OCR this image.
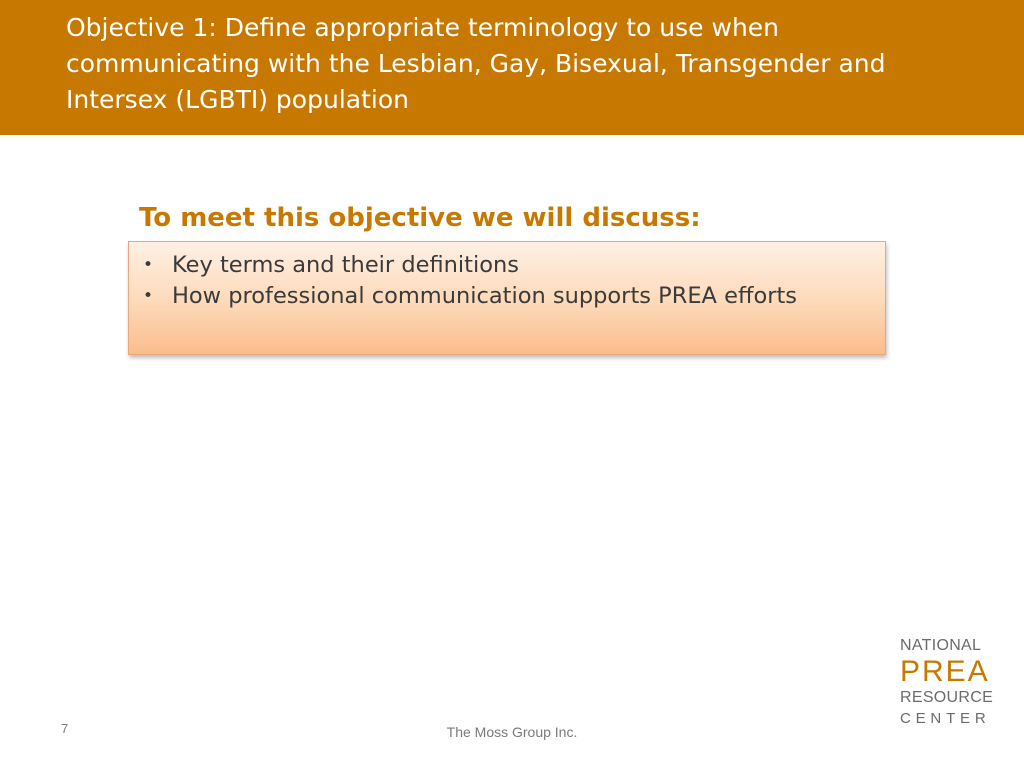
Objective 1: Define appropriate terminology to use when communicating with the Lesbian, Gay, Bisexual, Transgender and Intersex (LGBTI) population
To meet this objective we will discuss:
• Key terms and their definitions
• How professional communication supports PREA efforts
7	The Moss Group Inc.
NATIONAL
PREA
RESOURCE
CENTER
